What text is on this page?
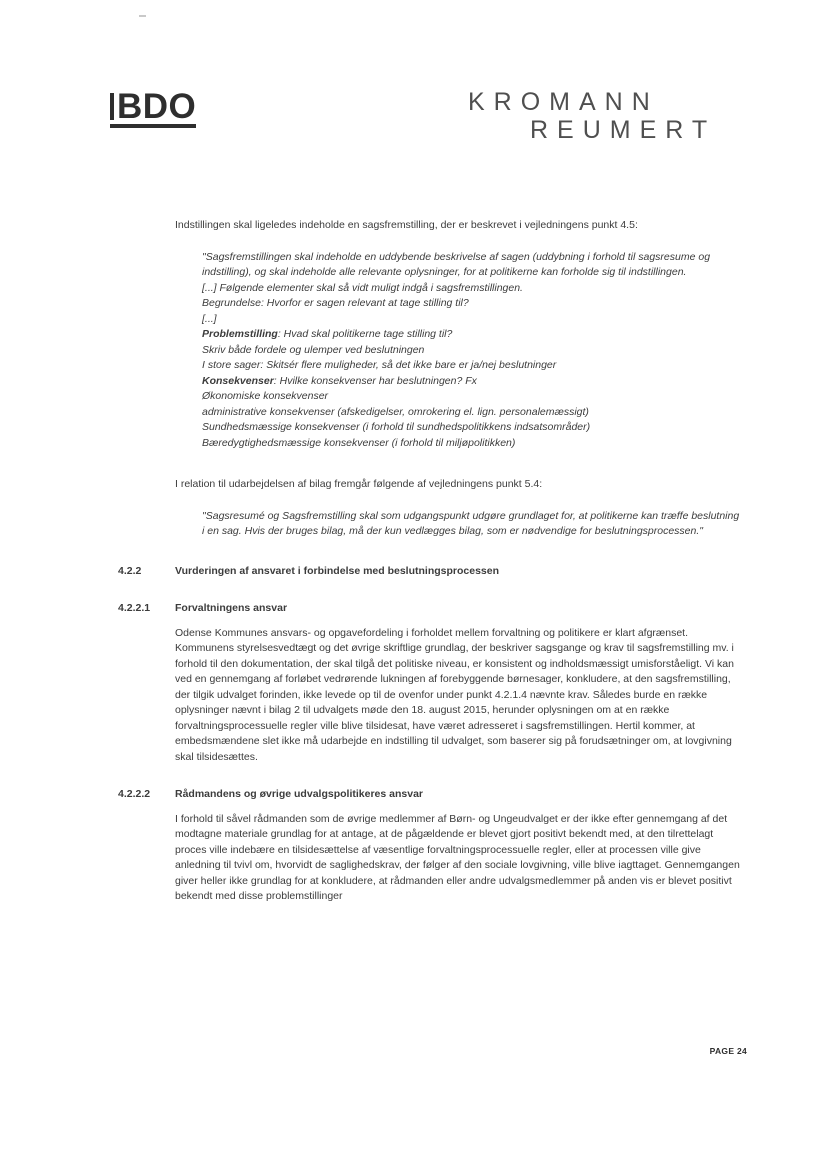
BDO	KROMANN
REUMERT

Indstillingen skal ligeledes indeholde en sagsfremstilling, der er beskrevet i vejledningens punkt 4.5:

"Sagsfremstillingen skal indeholde en uddybende beskrivelse af sagen (uddybning i forhold til sagsresume og indstilling), og skal indeholde alle relevante oplysninger, for at politikerne kan forholde sig til indstillingen.
[...] Følgende elementer skal så vidt muligt indgå i sagsfremstillingen.
Begrundelse: Hvorfor er sagen relevant at tage stilling til?
[...]
Problemstilling: Hvad skal politikerne tage stilling til?
Skriv både fordele og ulemper ved beslutningen
I store sager: Skitsér flere muligheder, så det ikke bare er ja/nej beslutninger
Konsekvenser: Hvilke konsekvenser har beslutningen? Fx
Økonomiske konsekvenser
administrative konsekvenser (afskedigelser, omrokering el. lign. personalemæssigt)
Sundhedsmæssige konsekvenser (i forhold til sundhedspolitikkens indsatsområder)
Bæredygtighedsmæssige konsekvenser (i forhold til miljøpolitikken)

I relation til udarbejdelsen af bilag fremgår følgende af vejledningens punkt 5.4:

"Sagsresumé og Sagsfremstilling skal som udgangspunkt udgøre grundlaget for, at politikerne kan træffe beslutning i en sag. Hvis der bruges bilag, må der kun vedlægges bilag, som er nødvendige for beslutningsprocessen."
4.2.2	Vurderingen af ansvaret i forbindelse med beslutningsprocessen
4.2.2.1 Forvaltningens ansvar

Odense Kommunes ansvars- og opgavefordeling i forholdet mellem forvaltning og politikere er klart afgrænset. Kommunens styrelsesvedtægt og det øvrige skriftlige grundlag, der beskriver sagsgange og krav til sagsfremstilling mv. i forhold til den dokumentation, der skal tilgå det politiske niveau, er konsistent og indholdsmæssigt umisforståeligt. Vi kan ved en gennemgang af forløbet vedrørende lukningen af forebyggende børnesager, konkludere, at den sagsfremstilling, der tilgik udvalget forinden, ikke levede op til de ovenfor under punkt 4.2.1.4 nævnte krav. Således burde en række oplysninger nævnt i bilag 2 til udvalgets møde den 18. august 2015, herunder oplysningen om at en række forvaltningsprocessuelle regler ville blive tilsidesat, have været adresseret i sagsfremstillingen. Hertil kommer, at embedsmændene slet ikke må udarbejde en indstilling til udvalget, som baserer sig på forudsætninger om, at lovgivning skal tilsidesættes.

4.2.2.2 Rådmandens og øvrige udvalgspolitikeres ansvar

I forhold til såvel rådmanden som de øvrige medlemmer af Børn- og Ungeudvalget er der ikke efter gennemgang af det modtagne materiale grundlag for at antage, at de pågældende er blevet gjort positivt bekendt med, at den tilrettelagt proces ville indebære en tilsidesættelse af væsentlige forvaltningsprocessuelle regler, eller at processen ville give anledning til tvivl om, hvorvidt de saglighedskrav, der følger af den sociale lovgivning, ville blive iagttaget. Gennemgangen giver heller ikke grundlag for at konkludere, at rådmanden eller andre udvalgsmedlemmer på anden vis er blevet positivt bekendt med disse problemstillinger

PAGE 24
